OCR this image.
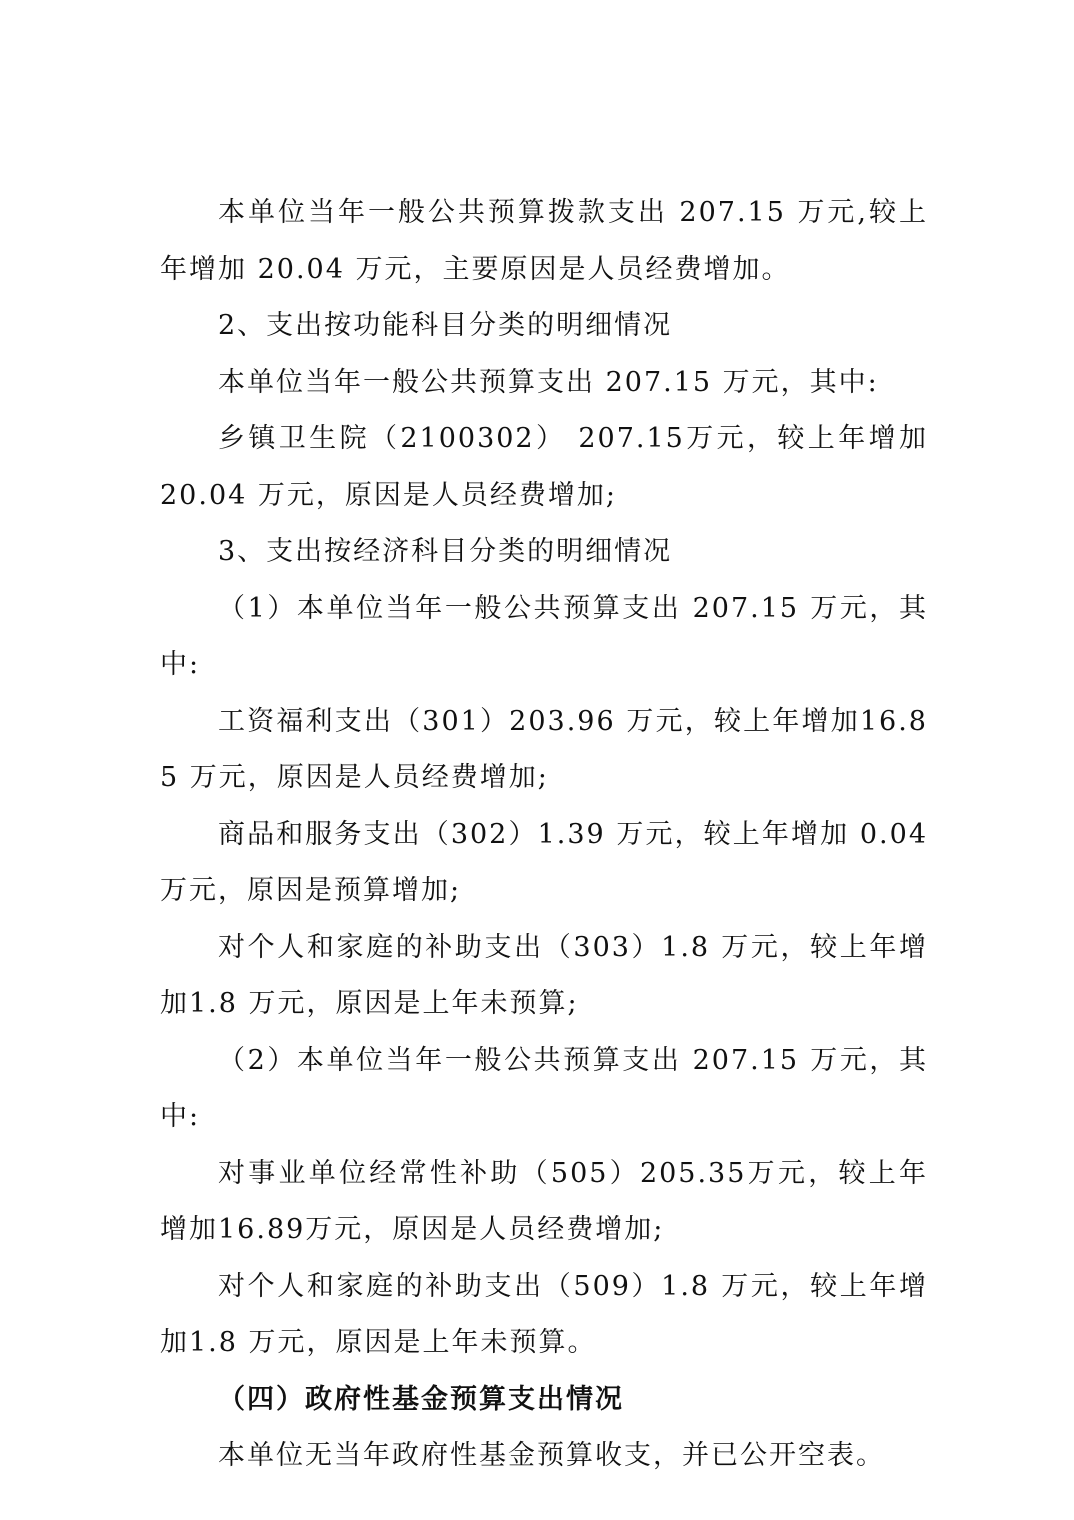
本单位当年一般公共预算拨款支出 207.15 万元,较上年增加 20.04 万元，主要原因是人员经费增加。

2、支出按功能科目分类的明细情况

本单位当年一般公共预算支出 207.15 万元，其中:

乡镇卫生院（2100302） 207.15万元，较上年增加 20.04 万元，原因是人员经费增加;

3、支出按经济科目分类的明细情况

（1）本单位当年一般公共预算支出 207.15 万元，其中:

工资福利支出（301）203.96 万元，较上年增加16.85 万元，原因是人员经费增加;

商品和服务支出（302）1.39 万元，较上年增加 0.04 万元，原因是预算增加;

对个人和家庭的补助支出（303）1.8 万元，较上年增加1.8 万元，原因是上年未预算;

（2）本单位当年一般公共预算支出 207.15 万元，其中:

对事业单位经常性补助（505）205.35万元，较上年增加16.89万元，原因是人员经费增加;

对个人和家庭的补助支出（509）1.8 万元，较上年增加1.8 万元，原因是上年未预算。

（四）政府性基金预算支出情况

本单位无当年政府性基金预算收支，并已公开空表。
